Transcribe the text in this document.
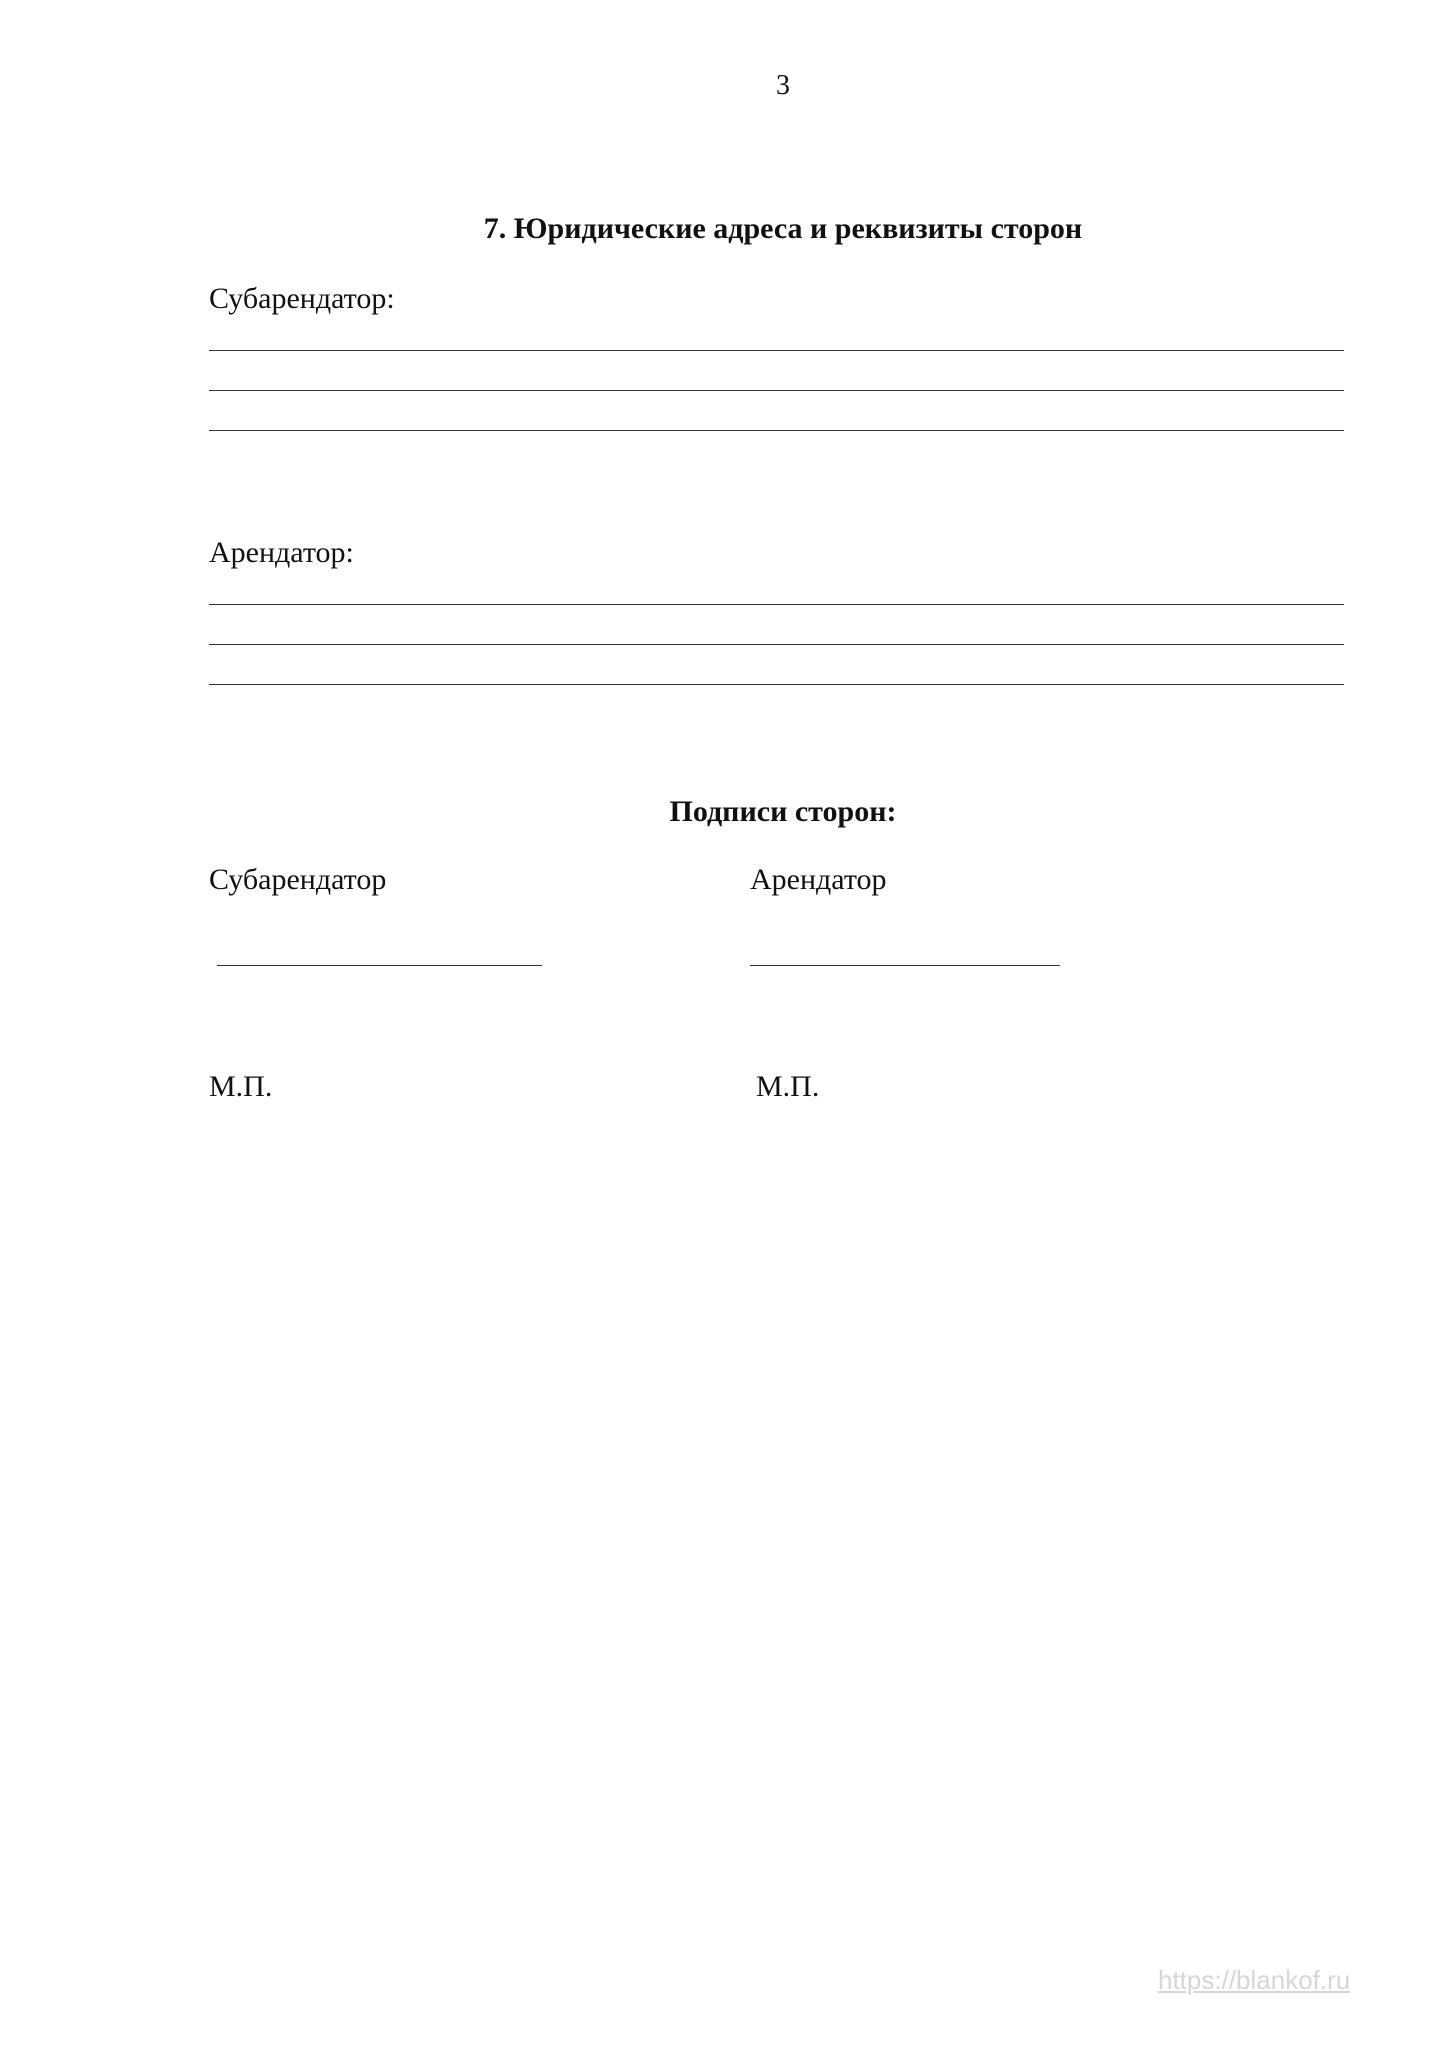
3
7. Юридические адреса и реквизиты сторон
Субарендатор:
Арендатор:
Подписи сторон:
Субарендатор	Арендатор
М.П.	М.П.
https://blankof.ru
